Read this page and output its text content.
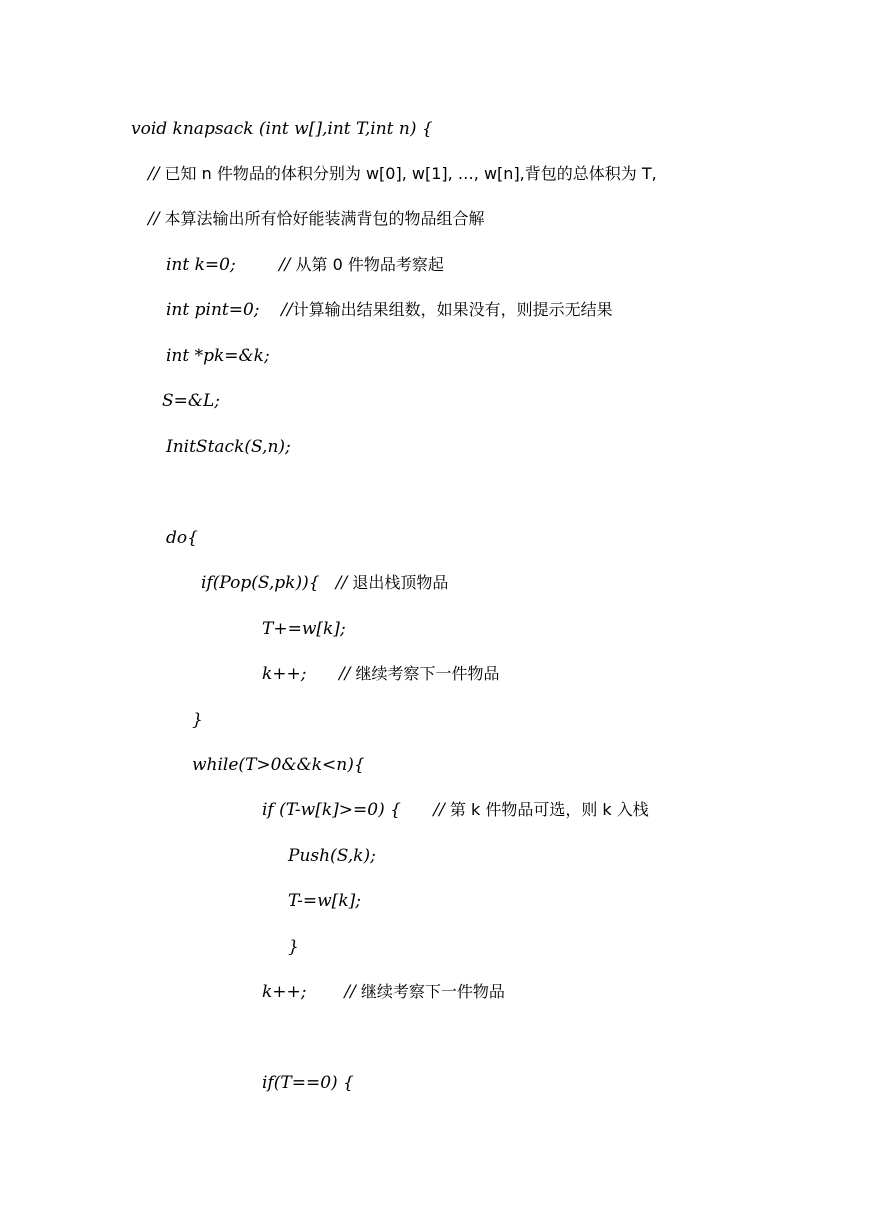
void knapsack (int w[],int T,int n) {
// 已知 n 件物品的体积分别为 w[0], w[1], …, w[n],背包的总体积为 T,
// 本算法输出所有恰好能装满背包的物品组合解
int k=0;        // 从第 0 件物品考察起
int pint=0;    //计算输出结果组数，如果没有，则提示无结果
int *pk=&k;
S=&L;
InitStack(S,n);
do{
if(Pop(S,pk)){   // 退出栈顶物品
T+=w[k];
k++;      // 继续考察下一件物品
}
while(T>0&&k<n){
if (T-w[k]>=0) {      // 第 k 件物品可选，则 k 入栈
Push(S,k);
T-=w[k];
}
k++;       // 继续考察下一件物品
if(T==0) {
